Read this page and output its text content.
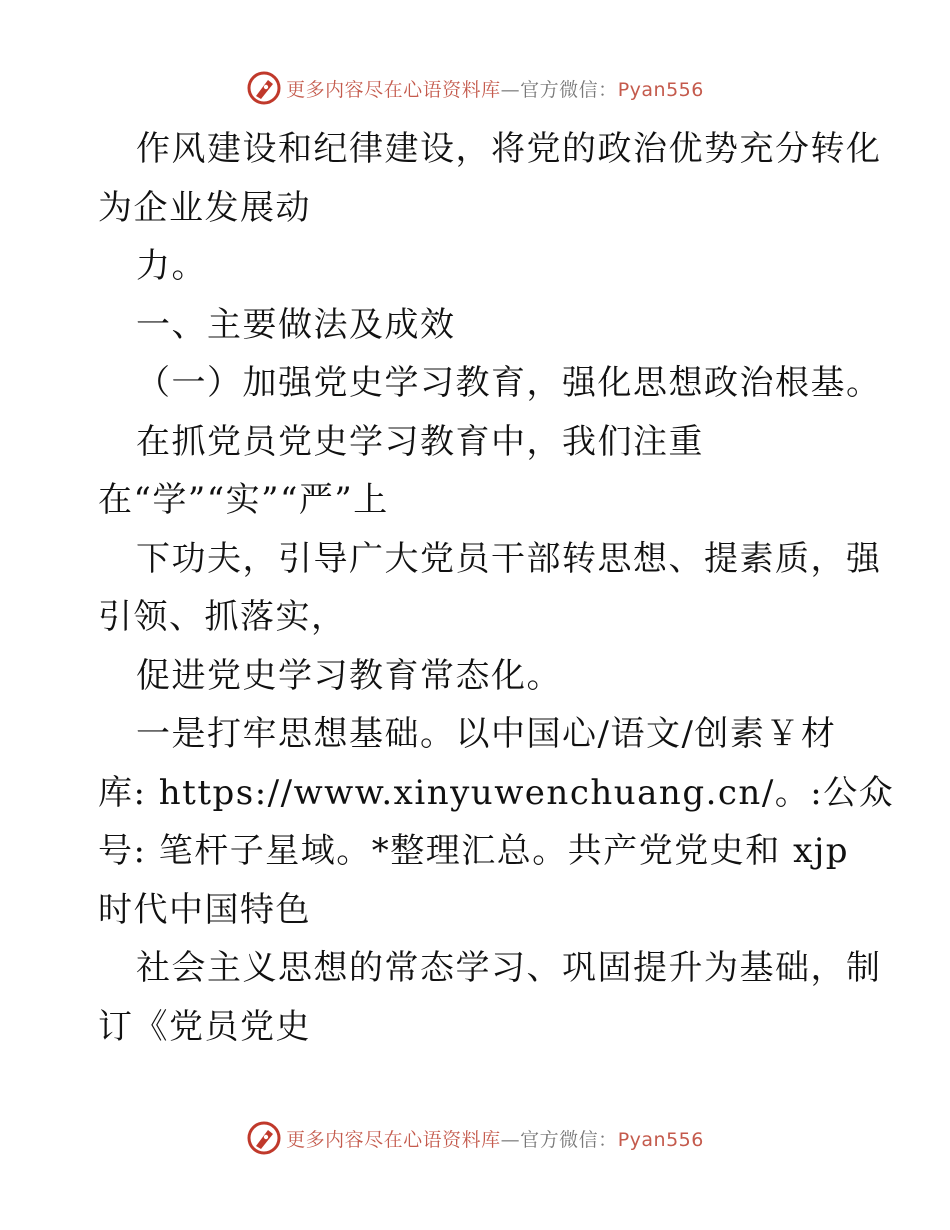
更多内容尽在心语资料库—官方微信：Pyan556
作风建设和纪律建设，将党的政治优势充分转化
为企业发展动
力。
一、主要做法及成效
（一）加强党史学习教育，强化思想政治根基。
在抓党员党史学习教育中，我们注重
在“学”“实”“严”上
下功夫，引导广大党员干部转思想、提素质，强
引领、抓落实，
促进党史学习教育常态化。
一是打牢思想基础。以中国心/语文/创素￥材
库: https://www.xinyuwenchuang.cn/。:公众
号: 笔杆子星域。*整理汇总。共产党党史和 xjp
时代中国特色
社会主义思想的常态学习、巩固提升为基础，制
订《党员党史
更多内容尽在心语资料库—官方微信：Pyan556
